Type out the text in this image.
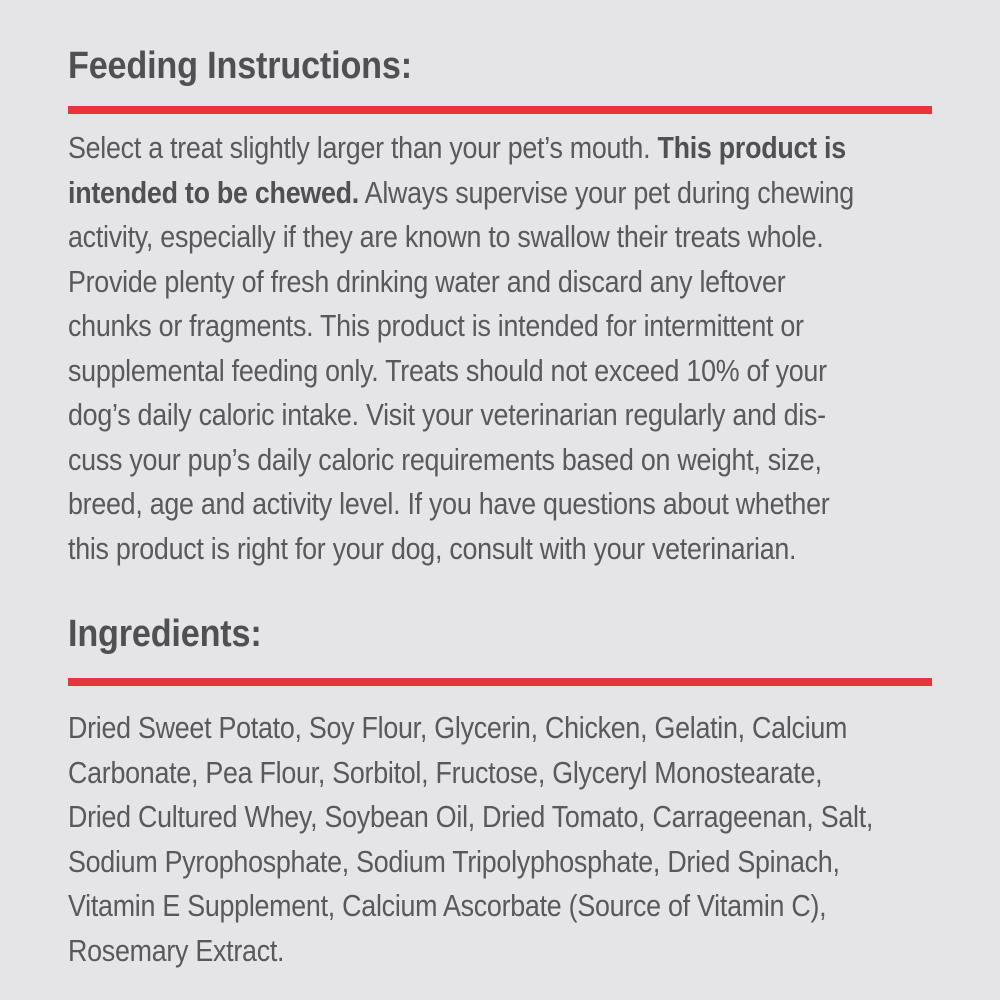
Feeding Instructions:
Select a treat slightly larger than your pet’s mouth. This product is
intended to be chewed. Always supervise your pet during chewing
activity, especially if they are known to swallow their treats whole.
Provide plenty of fresh drinking water and discard any leftover
chunks or fragments. This product is intended for intermittent or
supplemental feeding only. Treats should not exceed 10% of your
dog’s daily caloric intake. Visit your veterinarian regularly and dis-
cuss your pup’s daily caloric requirements based on weight, size,
breed, age and activity level. If you have questions about whether
this product is right for your dog, consult with your veterinarian.
Ingredients:
Dried Sweet Potato, Soy Flour, Glycerin, Chicken, Gelatin, Calcium
Carbonate, Pea Flour, Sorbitol, Fructose, Glyceryl Monostearate,
Dried Cultured Whey, Soybean Oil, Dried Tomato, Carrageenan, Salt,
Sodium Pyrophosphate, Sodium Tripolyphosphate, Dried Spinach,
Vitamin E Supplement, Calcium Ascorbate (Source of Vitamin C),
Rosemary Extract.
